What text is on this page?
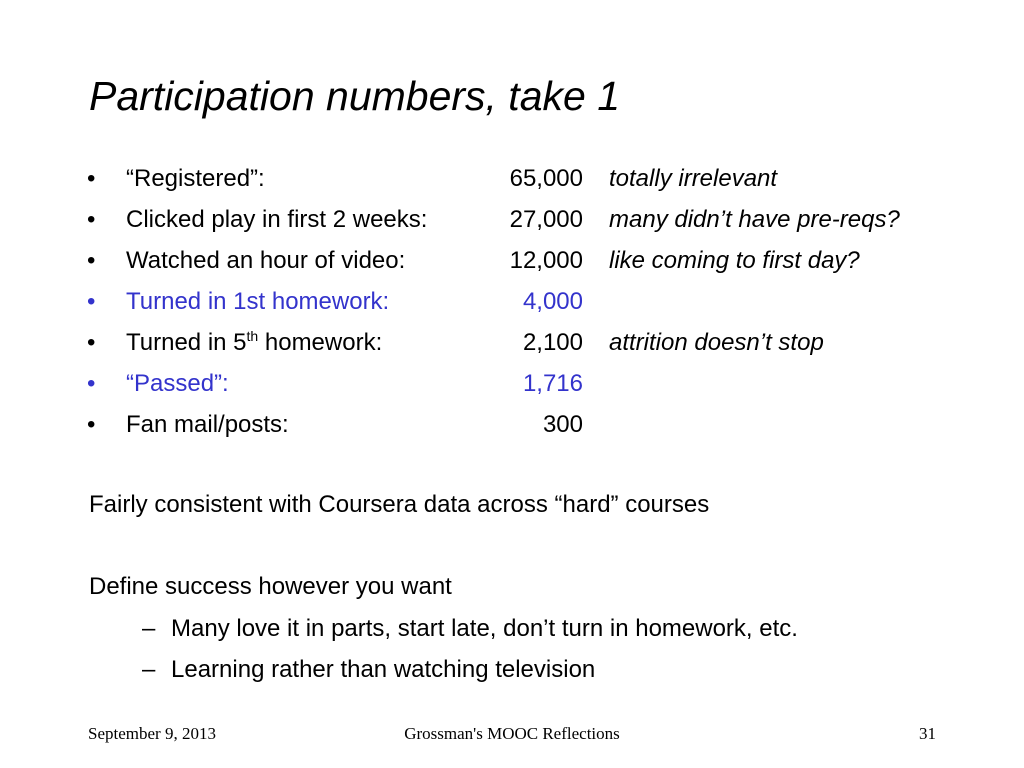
Participation numbers, take 1
• “Registered”:	65,000 totally irrelevant
• Clicked play in first 2 weeks:	27,000 many didn’t have pre-reqs?
• Watched an hour of video:	12,000 like coming to first day?
• Turned in 1st homework:	4,000
• Turned in 5th homework:	2,100 attrition doesn’t stop
• “Passed”:	1,716
• Fan mail/posts:	300

Fairly consistent with Coursera data across “hard” courses

Define success however you want

– Many love it in parts, start late, don’t turn in homework, etc.
– Learning rather than watching television
September 9, 2013	Grossman's MOOC Reflections	31
